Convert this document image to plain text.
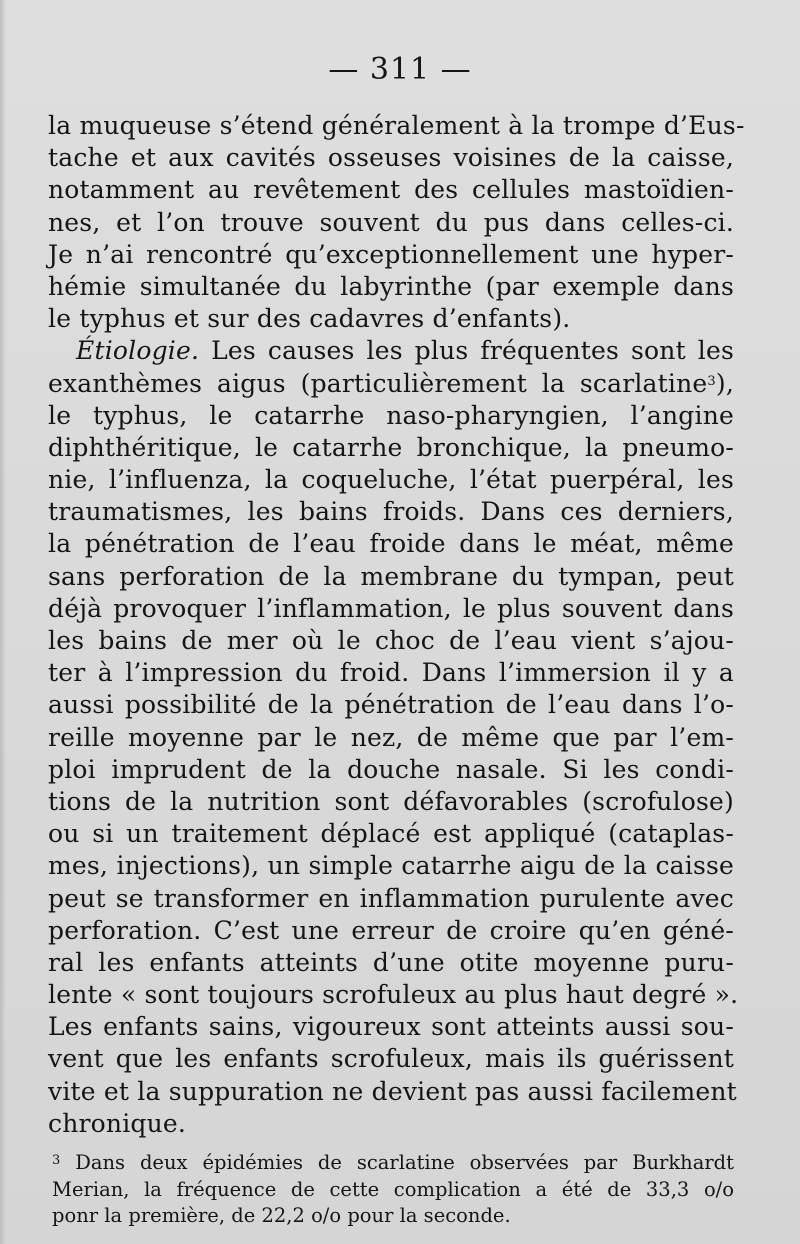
— 311 —
la muqueuse s’étend généralement à la trompe d’Eus-
tache et aux cavités osseuses voisines de la caisse,
notamment au revêtement des cellules mastoïdien-
nes, et l’on trouve souvent du pus dans celles-ci.
Je n’ai rencontré qu’exceptionnellement une hyper-
hémie simultanée du labyrinthe (par exemple dans
le typhus et sur des cadavres d’enfants).
Étiologie. Les causes les plus fréquentes sont les
exanthèmes aigus (particulièrement la scarlatine$^3$),
le typhus, le catarrhe naso-pharyngien, l’angine
diphthéritique, le catarrhe bronchique, la pneumo-
nie, l’influenza, la coqueluche, l’état puerpéral, les
traumatismes, les bains froids. Dans ces derniers,
la pénétration de l’eau froide dans le méat, même
sans perforation de la membrane du tympan, peut
déjà provoquer l’inflammation, le plus souvent dans
les bains de mer où le choc de l’eau vient s’ajou-
ter à l’impression du froid. Dans l’immersion il y a
aussi possibilité de la pénétration de l’eau dans l’o-
reille moyenne par le nez, de même que par l’em-
ploi imprudent de la douche nasale. Si les condi-
tions de la nutrition sont défavorables (scrofulose)
ou si un traitement déplacé est appliqué (cataplas-
mes, injections), un simple catarrhe aigu de la caisse
peut se transformer en inflammation purulente avec
perforation. C’est une erreur de croire qu’en géné-
ral les enfants atteints d’une otite moyenne puru-
lente « sont toujours scrofuleux au plus haut degré ».
Les enfants sains, vigoureux sont atteints aussi sou-
vent que les enfants scrofuleux, mais ils guérissent
vite et la suppuration ne devient pas aussi facilement
chronique.
$^3$ Dans deux épidémies de scarlatine observées par Burkhardt
Merian, la fréquence de cette complication a été de 33,3 o/o
ponr la première, de 22,2 o/o pour la seconde.
